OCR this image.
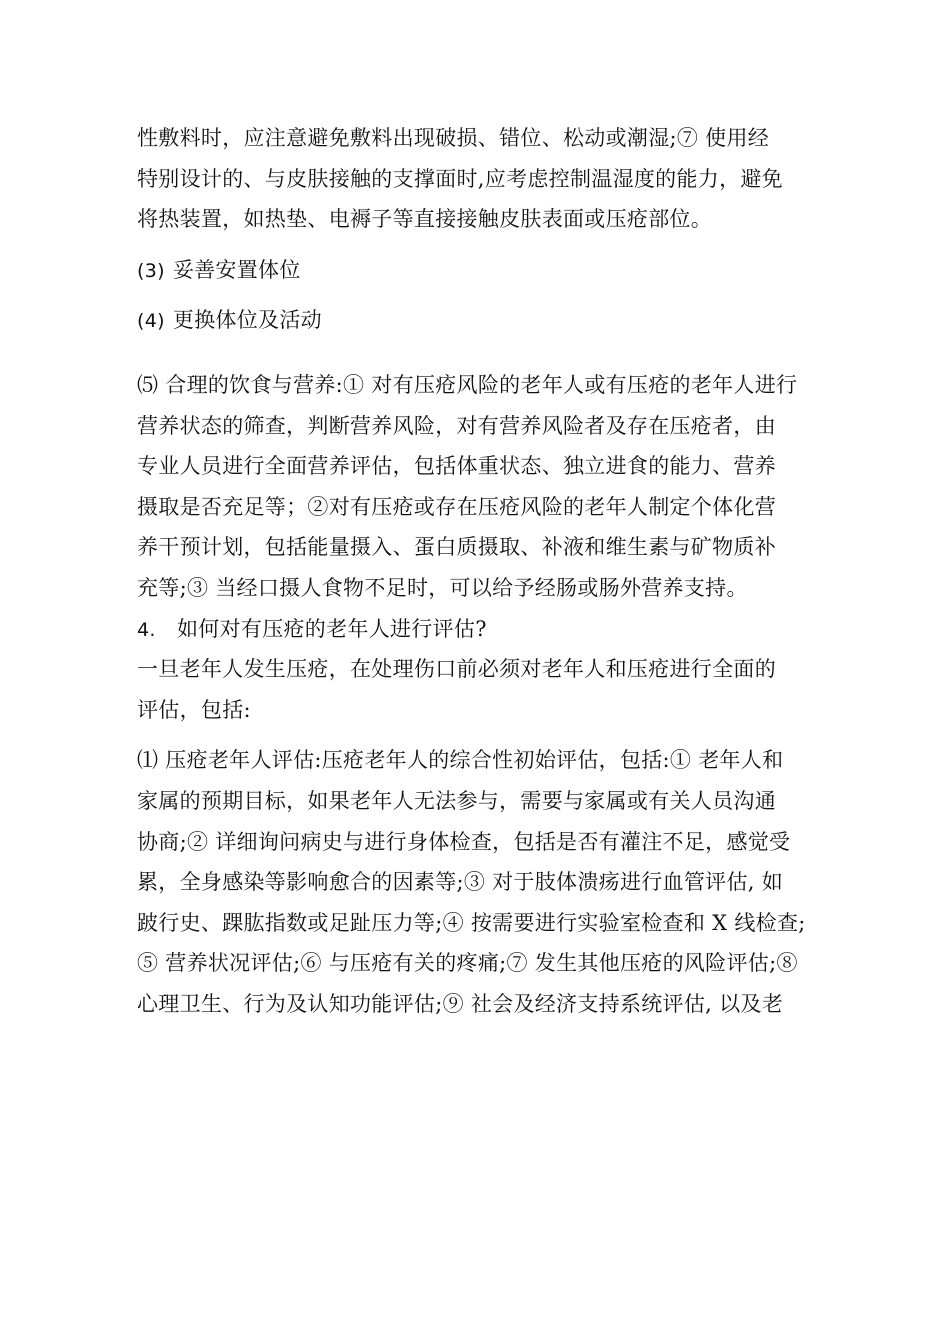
性敷料时，应注意避免敷料出现破损、错位、松动或潮湿;⑦ 使用经
特别设计的、与皮肤接触的支撑面时,应考虑控制温湿度的能力，避免
将热装置，如热垫、电褥子等直接接触皮肤表面或压疮部位。
(3) 妥善安置体位
(4) 更换体位及活动
⑸ 合理的饮食与营养:① 对有压疮风险的老年人或有压疮的老年人进行
营养状态的筛查，判断营养风险，对有营养风险者及存在压疮者，由
专业人员进行全面营养评估，包括体重状态、独立进食的能力、营养
摄取是否充足等；②对有压疮或存在压疮风险的老年人制定个体化营
养干预计划，包括能量摄入、蛋白质摄取、补液和维生素与矿物质补
充等;③ 当经口摄人食物不足时，可以给予经肠或肠外营养支持。
4. 如何对有压疮的老年人进行评估?
一旦老年人发生压疮，在处理伤口前必须对老年人和压疮进行全面的
评估，包括:
⑴ 压疮老年人评估:压疮老年人的综合性初始评估，包括:① 老年人和
家属的预期目标，如果老年人无法参与，需要与家属或有关人员沟通
协商;② 详细询问病史与进行身体检查，包括是否有灌注不足，感觉受
累，全身感染等影响愈合的因素等;③ 对于肢体溃疡进行血管评估, 如
跛行史、踝肱指数或足趾压力等;④ 按需要进行实验室检查和 X 线检查;
⑤ 营养状况评估;⑥ 与压疮有关的疼痛;⑦ 发生其他压疮的风险评估;⑧
心理卫生、行为及认知功能评估;⑨ 社会及经济支持系统评估, 以及老
